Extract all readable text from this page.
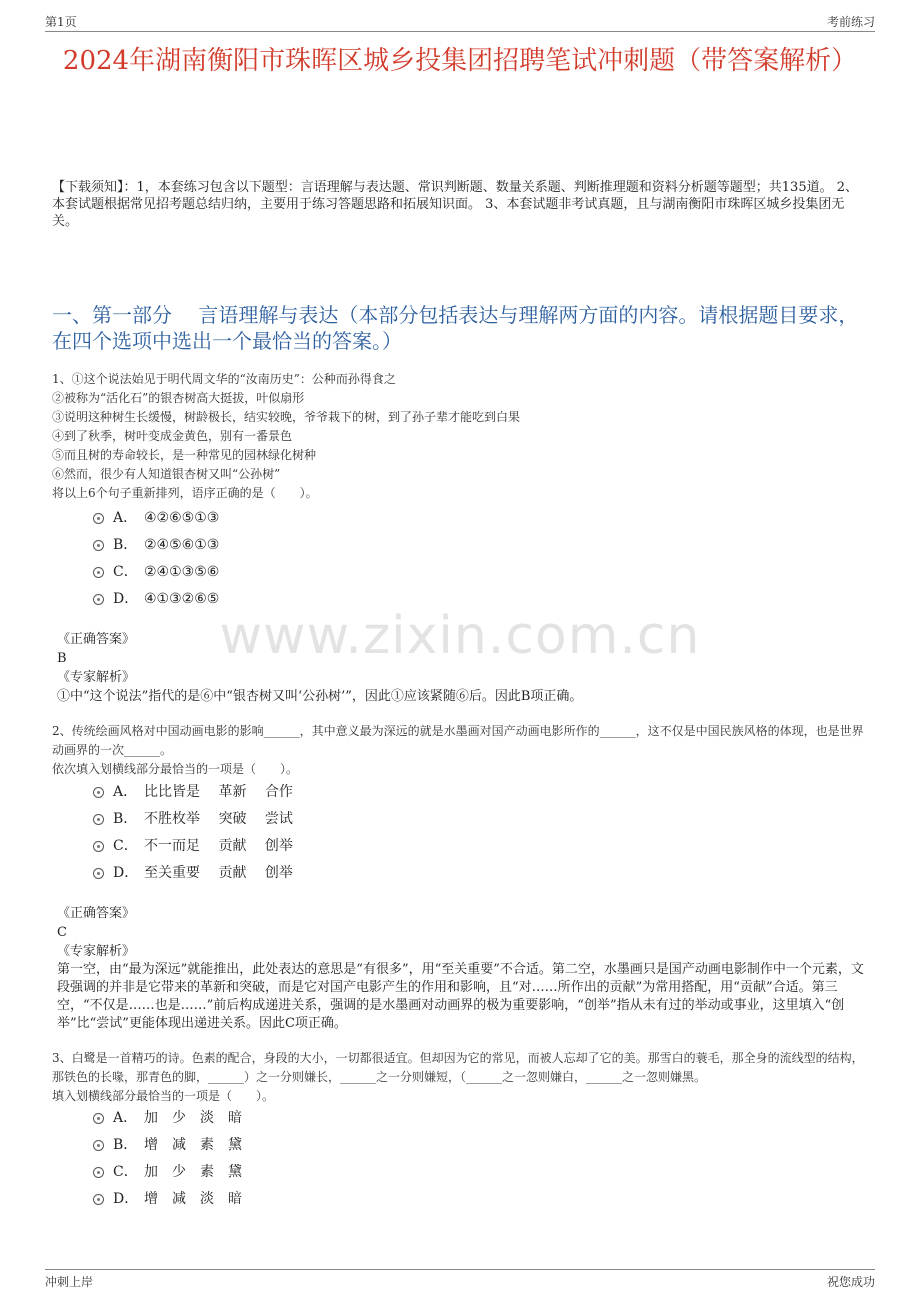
第1页	考前练习
2024年湖南衡阳市珠晖区城乡投集团招聘笔试冲刺题（带答案解析）
【下载须知】：1，本套练习包含以下题型：言语理解与表达题、常识判断题、数量关系题、判断推理题和资料分析题等题型；共135道。 2、本套试题根据常见招考题总结归纳，主要用于练习答题思路和拓展知识面。 3、本套试题非考试真题，且与湖南衡阳市珠晖区城乡投集团无关。
一、第一部分　 言语理解与表达（本部分包括表达与理解两方面的内容。请根据题目要求，在四个选项中选出一个最恰当的答案。）
www.zixin.com.cn
1、①这个说法始见于明代周文华的“汝南历史”：公种而孙得食之
②被称为“活化石”的银杏树高大挺拔，叶似扇形
③说明这种树生长缓慢，树龄极长，结实较晚，爷爷栽下的树，到了孙子辈才能吃到白果
④到了秋季，树叶变成金黄色，别有一番景色
⑤而且树的寿命较长，是一种常见的园林绿化树种
⑥然而，很少有人知道银杏树又叫“公孙树”
将以上6个句子重新排列，语序正确的是（　　）。
A． ④②⑥⑤①③
B． ②④⑤⑥①③
C． ②④①③⑤⑥
D． ④①③②⑥⑤
《正确答案》
B
《专家解析》
①中“这个说法”指代的是⑥中“银杏树又叫‘公孙树’”，因此①应该紧随⑥后。因此B项正确。
2、传统绘画风格对中国动画电影的影响______，其中意义最为深远的就是水墨画对国产动画电影所作的______，这不仅是中国民族风格的体现，也是世界动画界的一次______。
依次填入划横线部分最恰当的一项是（　　）。
A． 比比皆是　 革新　 合作
B． 不胜枚举　 突破　 尝试
C． 不一而足　 贡献　 创举
D． 至关重要　 贡献　 创举
《正确答案》
C
《专家解析》
第一空，由“最为深远”就能推出，此处表达的意思是“有很多”，用“至关重要”不合适。第二空，水墨画只是国产动画电影制作中一个元素，文段强调的并非是它带来的革新和突破，而是它对国产电影产生的作用和影响，且“对……所作出的贡献”为常用搭配，用“贡献”合适。第三空，“不仅是……也是……”前后构成递进关系，强调的是水墨画对动画界的极为重要影响，“创举”指从未有过的举动或事业，这里填入“创举”比“尝试”更能体现出递进关系。因此C项正确。
3、白鹭是一首精巧的诗。色素的配合，身段的大小，一切都很适宜。但却因为它的常见，而被人忘却了它的美。那雪白的蓑毛，那全身的流线型的结构，那铁色的长喙，那青色的脚，______）之一分则嫌长，______之一分则嫌短，（______之一忽则嫌白，______之一忽则嫌黑。
填入划横线部分最恰当的一项是（　　）。
A． 加　少　淡　暗
B． 增　减　素　黛
C． 加　少　素　黛
D． 增　减　淡　暗
冲刺上岸	祝您成功
